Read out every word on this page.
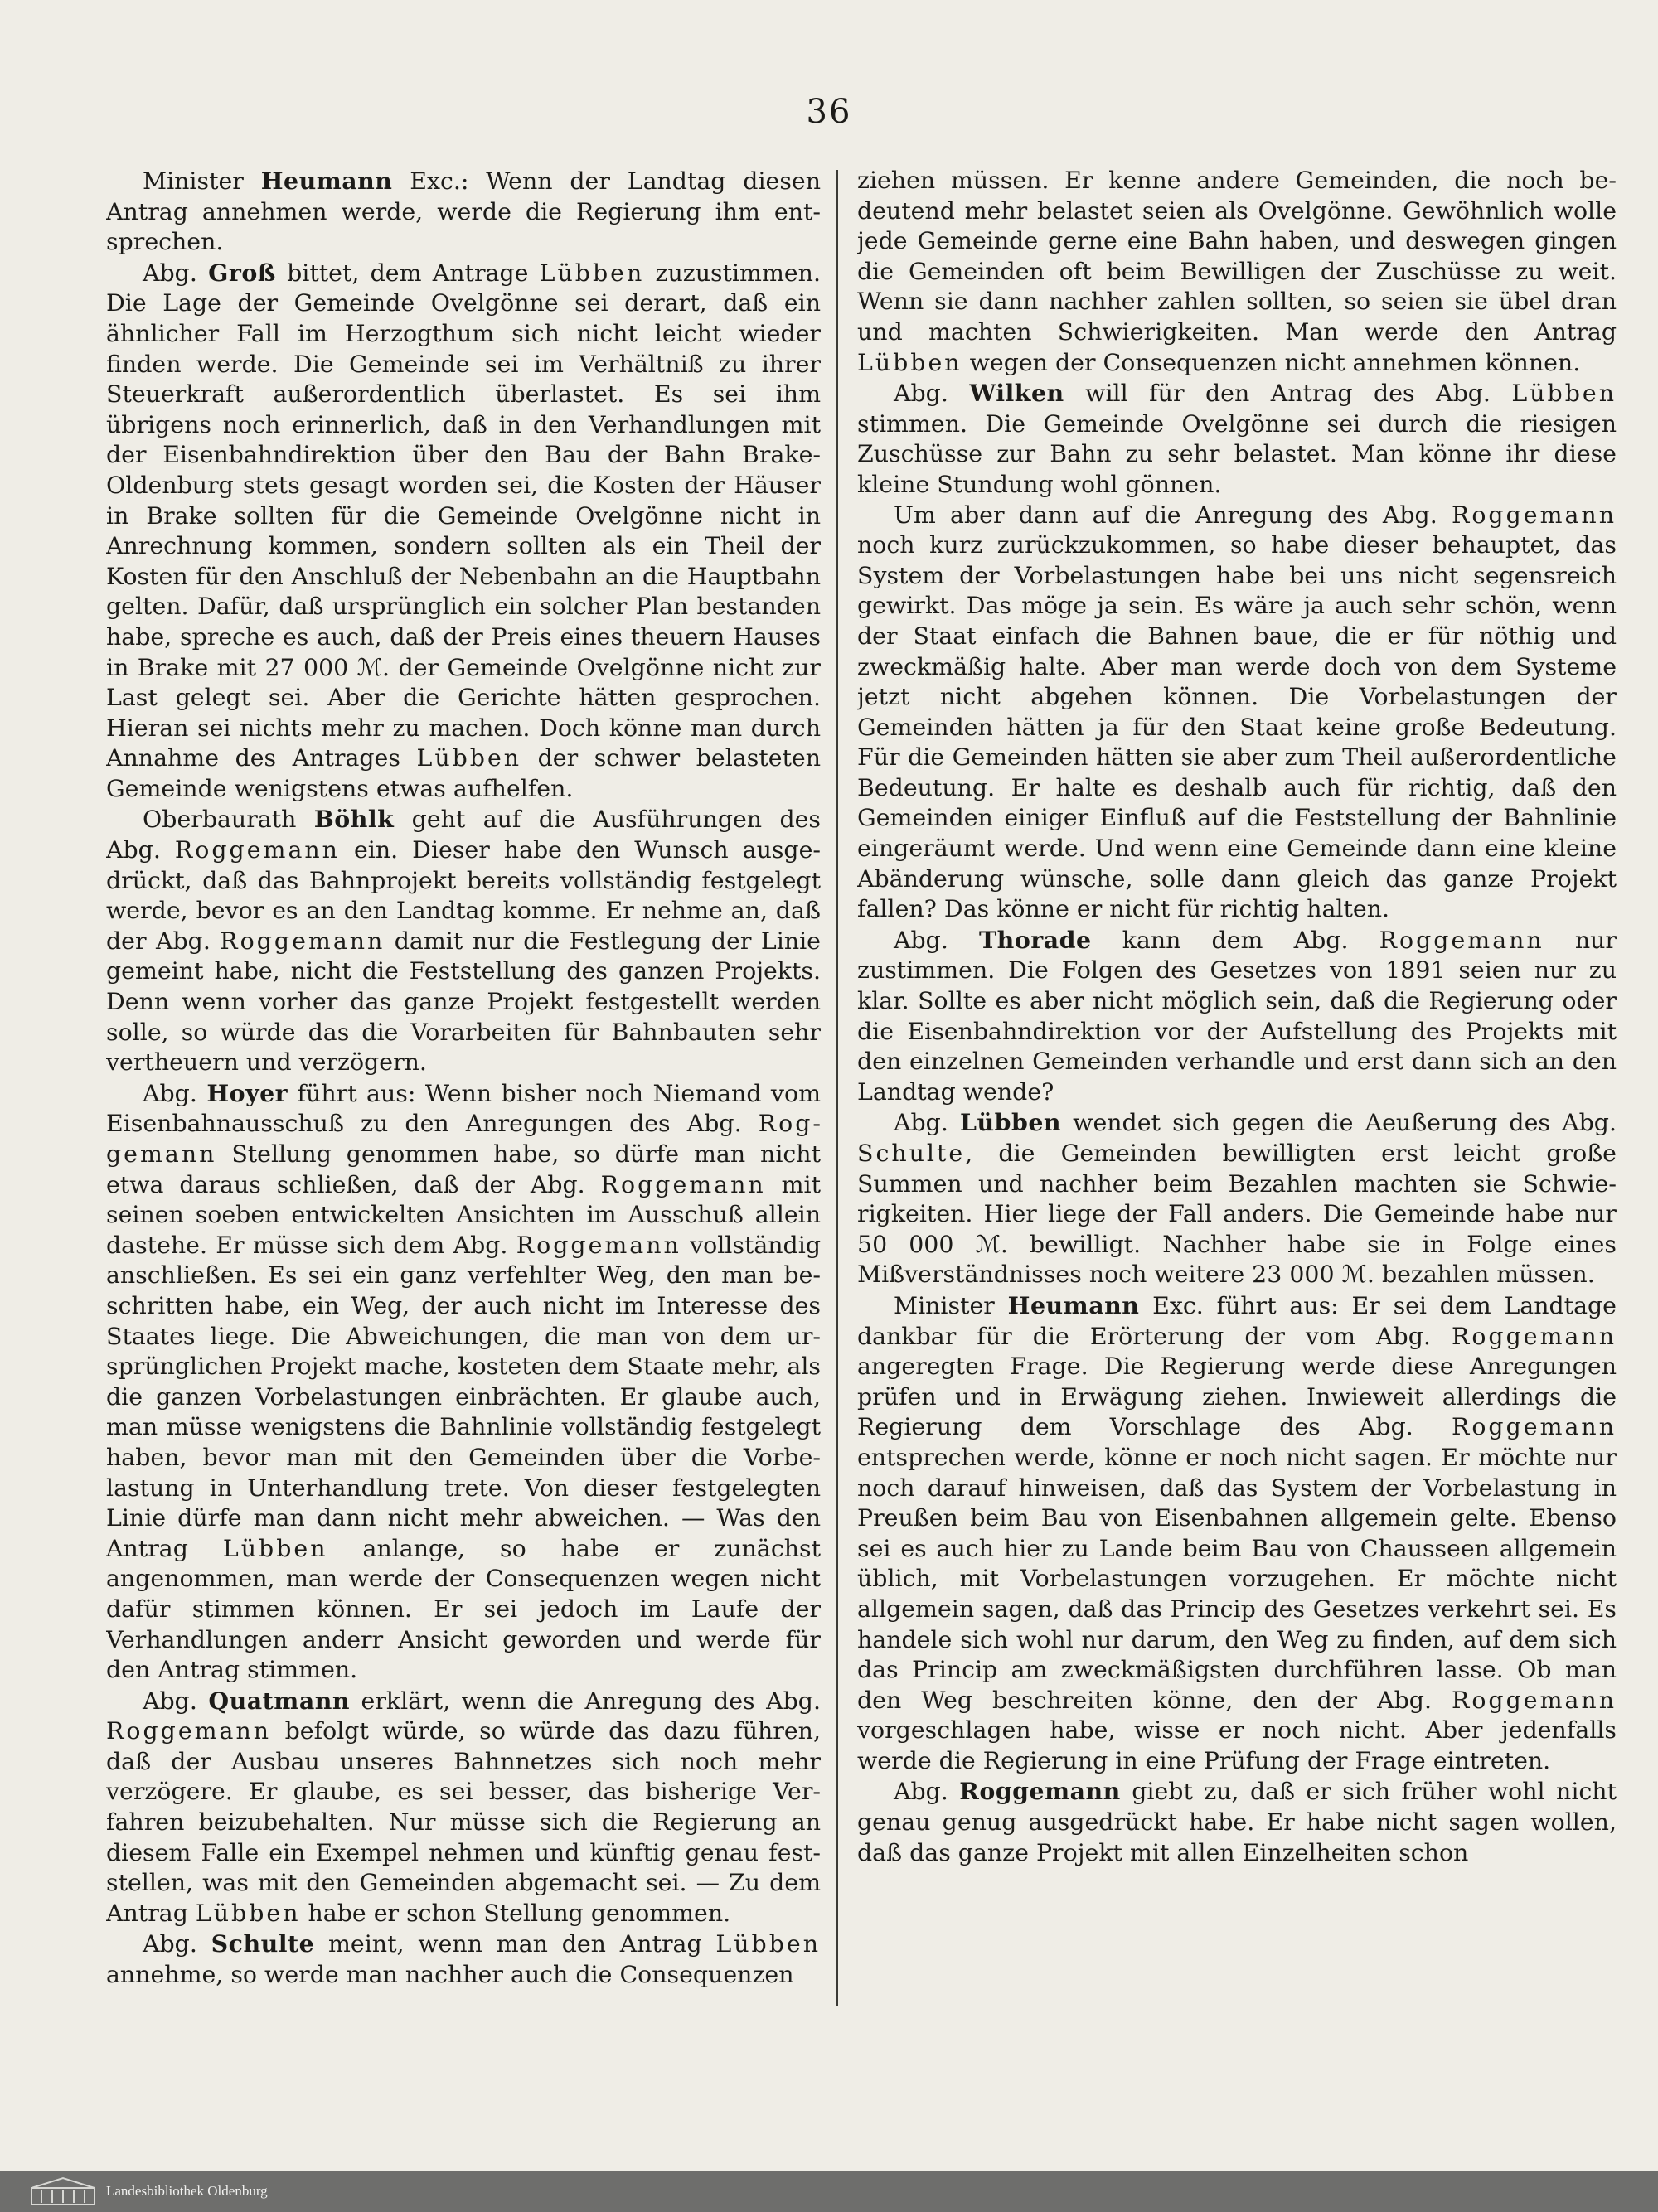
36

Minister Heumann Exc.: Wenn der Landtag diesen Antrag annehmen werde, werde die Regierung ihm entsprechen.

Abg. Groß bittet, dem Antrage Lübben zuzustimmen. Die Lage der Gemeinde Ovelgönne sei derart, daß ein ähnlicher Fall im Herzogthum sich nicht leicht wieder finden werde. Die Gemeinde sei im Verhältniß zu ihrer Steuerkraft außerordentlich überlastet. Es sei ihm übrigens noch erinnerlich, daß in den Verhandlungen mit der Eisenbahndirektion über den Bau der Bahn Brake-Oldenburg stets gesagt worden sei, die Kosten der Häuser in Brake sollten für die Gemeinde Ovelgönne nicht in Anrechnung kommen, sondern sollten als ein Theil der Kosten für den Anschluß der Nebenbahn an die Hauptbahn gelten. Dafür, daß ursprünglich ein solcher Plan bestanden habe, spreche es auch, daß der Preis eines theuern Hauses in Brake mit 27 000 ℳ. der Gemeinde Ovelgönne nicht zur Last gelegt sei. Aber die Gerichte hätten gesprochen. Hieran sei nichts mehr zu machen. Doch könne man durch Annahme des Antrages Lübben der schwer belasteten Gemeinde wenigstens etwas aufhelfen.

Oberbaurath Böhlk geht auf die Ausführungen des Abg. Roggemann ein. Dieser habe den Wunsch ausgedrückt, daß das Bahnprojekt bereits vollständig festgelegt werde, bevor es an den Landtag komme. Er nehme an, daß der Abg. Roggemann damit nur die Festlegung der Linie gemeint habe, nicht die Feststellung des ganzen Projekts. Denn wenn vorher das ganze Projekt festgestellt werden solle, so würde das die Vorarbeiten für Bahnbauten sehr vertheuern und verzögern.

Abg. Hoyer führt aus: Wenn bisher noch Niemand vom Eisenbahnausschuß zu den Anregungen des Abg. Roggemann Stellung genommen habe, so dürfe man nicht etwa daraus schließen, daß der Abg. Roggemann mit seinen soeben entwickelten Ansichten im Ausschuß allein dastehe. Er müsse sich dem Abg. Roggemann vollständig anschließen. Es sei ein ganz verfehlter Weg, den man beschritten habe, ein Weg, der auch nicht im Interesse des Staates liege. Die Abweichungen, die man von dem ursprünglichen Projekt mache, kosteten dem Staate mehr, als die ganzen Vorbelastungen einbrächten. Er glaube auch, man müsse wenigstens die Bahnlinie vollständig festgelegt haben, bevor man mit den Gemeinden über die Vorbelastung in Unterhandlung trete. Von dieser festgelegten Linie dürfe man dann nicht mehr abweichen. — Was den Antrag Lübben anlange, so habe er zunächst angenommen, man werde der Consequenzen wegen nicht dafür stimmen können. Er sei jedoch im Laufe der Verhandlungen anderr Ansicht geworden und werde für den Antrag stimmen.

Abg. Quatmann erklärt, wenn die Anregung des Abg. Roggemann befolgt würde, so würde das dazu führen, daß der Ausbau unseres Bahnnetzes sich noch mehr verzögere. Er glaube, es sei besser, das bisherige Verfahren beizubehalten. Nur müsse sich die Regierung an diesem Falle ein Exempel nehmen und künftig genau feststellen, was mit den Gemeinden abgemacht sei. — Zu dem Antrag Lübben habe er schon Stellung genommen.

Abg. Schulte meint, wenn man den Antrag Lübben annehme, so werde man nachher auch die Consequenzen

ziehen müssen. Er kenne andere Gemeinden, die noch bedeutend mehr belastet seien als Ovelgönne. Gewöhnlich wolle jede Gemeinde gerne eine Bahn haben, und deswegen gingen die Gemeinden oft beim Bewilligen der Zuschüsse zu weit. Wenn sie dann nachher zahlen sollten, so seien sie übel dran und machten Schwierigkeiten. Man werde den Antrag Lübben wegen der Consequenzen nicht annehmen können.

Abg. Wilken will für den Antrag des Abg. Lübben stimmen. Die Gemeinde Ovelgönne sei durch die riesigen Zuschüsse zur Bahn zu sehr belastet. Man könne ihr diese kleine Stundung wohl gönnen.

Um aber dann auf die Anregung des Abg. Roggemann noch kurz zurückzukommen, so habe dieser behauptet, das System der Vorbelastungen habe bei uns nicht segensreich gewirkt. Das möge ja sein. Es wäre ja auch sehr schön, wenn der Staat einfach die Bahnen baue, die er für nöthig und zweckmäßig halte. Aber man werde doch von dem Systeme jetzt nicht abgehen können. Die Vorbelastungen der Gemeinden hätten ja für den Staat keine große Bedeutung. Für die Gemeinden hätten sie aber zum Theil außerordentliche Bedeutung. Er halte es deshalb auch für richtig, daß den Gemeinden einiger Einfluß auf die Feststellung der Bahnlinie eingeräumt werde. Und wenn eine Gemeinde dann eine kleine Abänderung wünsche, solle dann gleich das ganze Projekt fallen? Das könne er nicht für richtig halten.

Abg. Thorade kann dem Abg. Roggemann nur zustimmen. Die Folgen des Gesetzes von 1891 seien nur zu klar. Sollte es aber nicht möglich sein, daß die Regierung oder die Eisenbahndirektion vor der Aufstellung des Projekts mit den einzelnen Gemeinden verhandle und erst dann sich an den Landtag wende?

Abg. Lübben wendet sich gegen die Aeußerung des Abg. Schulte, die Gemeinden bewilligten erst leicht große Summen und nachher beim Bezahlen machten sie Schwierigkeiten. Hier liege der Fall anders. Die Gemeinde habe nur 50 000 ℳ. bewilligt. Nachher habe sie in Folge eines Mißverständnisses noch weitere 23 000 ℳ. bezahlen müssen.

Minister Heumann Exc. führt aus: Er sei dem Landtage dankbar für die Erörterung der vom Abg. Roggemann angeregten Frage. Die Regierung werde diese Anregungen prüfen und in Erwägung ziehen. Inwieweit allerdings die Regierung dem Vorschlage des Abg. Roggemann entsprechen werde, könne er noch nicht sagen. Er möchte nur noch darauf hinweisen, daß das System der Vorbelastung in Preußen beim Bau von Eisenbahnen allgemein gelte. Ebenso sei es auch hier zu Lande beim Bau von Chausseen allgemein üblich, mit Vorbelastungen vorzugehen. Er möchte nicht allgemein sagen, daß das Princip des Gesetzes verkehrt sei. Es handele sich wohl nur darum, den Weg zu finden, auf dem sich das Princip am zweckmäßigsten durchführen lasse. Ob man den Weg beschreiten könne, den der Abg. Roggemann vorgeschlagen habe, wisse er noch nicht. Aber jedenfalls werde die Regierung in eine Prüfung der Frage eintreten.

Abg. Roggemann giebt zu, daß er sich früher wohl nicht genau genug ausgedrückt habe. Er habe nicht sagen wollen, daß das ganze Projekt mit allen Einzelheiten schon

Landesbibliothek Oldenburg
